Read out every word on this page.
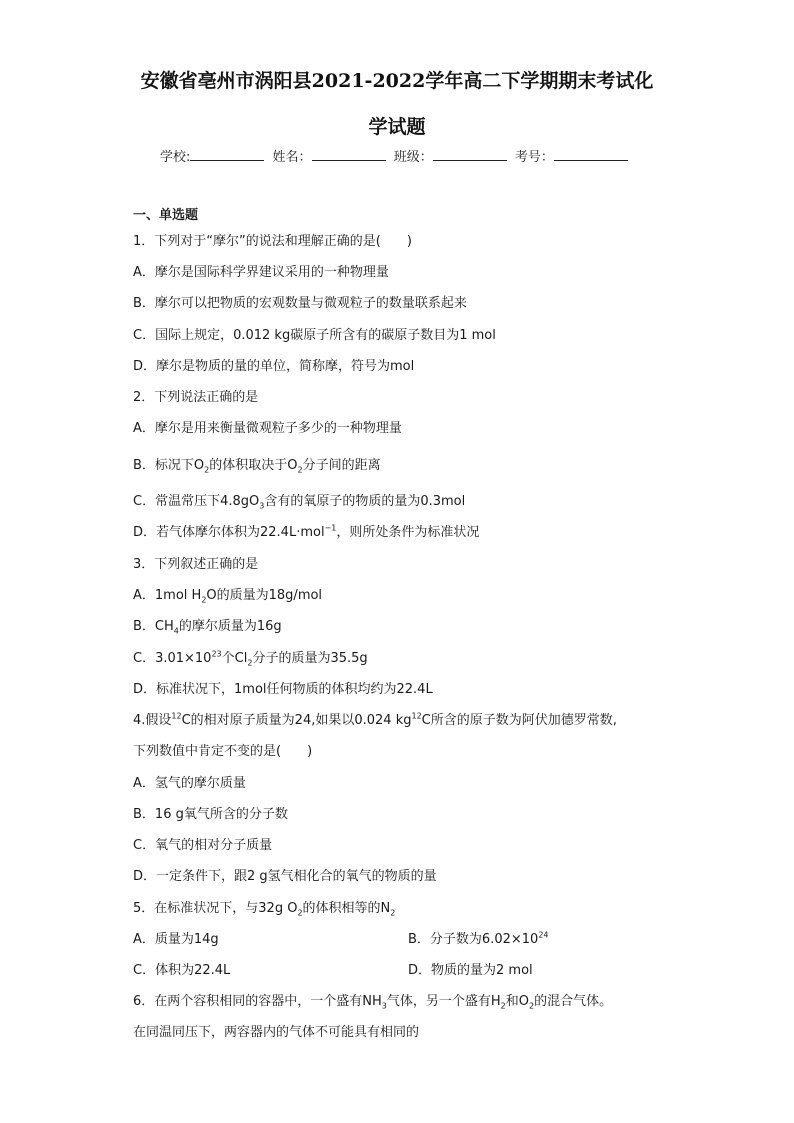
安徽省亳州市涡阳县2021-2022学年高二下学期期末考试化
学试题
学校:	姓名：	班级：	考号：
一、单选题
1．下列对于“摩尔”的说法和理解正确的是(　　)
A．摩尔是国际科学界建议采用的一种物理量
B．摩尔可以把物质的宏观数量与微观粒子的数量联系起来
C．国际上规定，0.012 kg碳原子所含有的碳原子数目为1 mol
D．摩尔是物质的量的单位，简称摩，符号为mol
2．下列说法正确的是
A．摩尔是用来衡量微观粒子多少的一种物理量
B．标况下$O_2$的体积取决于$O_2$分子间的距离
C．常温常压下$4.8gO_3$含有的氧原子的物质的量为0.3mol
D．若气体摩尔体积为22.4L·mol$^{-1}$，则所处条件为标准状况
3．下列叙述正确的是
A．1mol $H_2O$的质量为18g/mol
B．$CH_4$的摩尔质量为16g
C．$3.01\times 10^{23}$个$Cl_2$分子的质量为35.5g
D．标准状况下，1mol任何物质的体积均约为22.4L
4.假设$^{12}$C的相对原子质量为24,如果以0.024 $kg^{12}C$所含的原子数为阿伏加德罗常数,
下列数值中肯定不变的是(　　)
A．氢气的摩尔质量
B．16 g氧气所含的分子数
C．氧气的相对分子质量
D．一定条件下，跟2 g氢气相化合的氧气的物质的量
5．在标准状况下，与32g $O_2$的体积相等的$N_2$
A．质量为14g	B．分子数为$6.02\times 10^{24}$
C．体积为22.4L	D．物质的量为2 mol
6．在两个容积相同的容器中，一个盛有$NH_3$气体，另一个盛有$H_2$和$O_2$的混合气体。
在同温同压下，两容器内的气体不可能具有相同的
